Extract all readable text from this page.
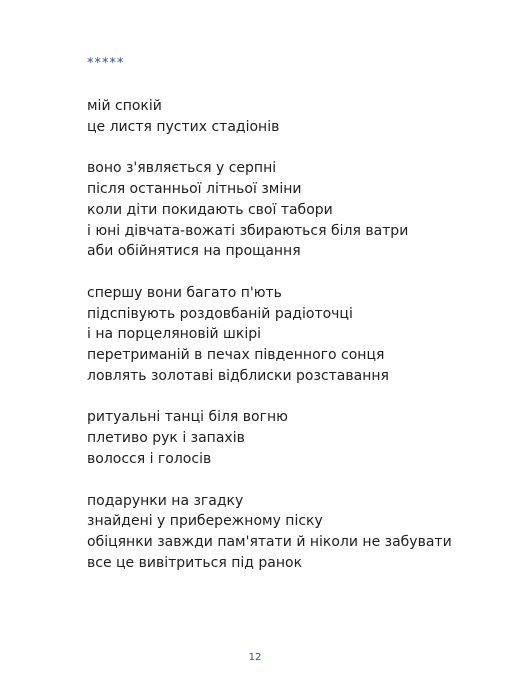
*****
мій спокій
це листя пустих стадіонів
воно з'являється у серпні
після останньої літньої зміни
коли діти покидають свої табори
і юні дівчата-вожаті збираються біля ватри
аби обійнятися на прощання
спершу вони багато п'ють
підспівують роздовбаній радіоточці
і на порцеляновій шкірі
перетриманій в печах південного сонця
ловлять золотаві відблиски розставання
ритуальні танці біля вогню
плетиво рук і запахів
волосся і голосів
подарунки на згадку
знайдені у прибережному піску
обіцянки завжди пам'ятати й ніколи не забувати
все це вивітриться під ранок
12
